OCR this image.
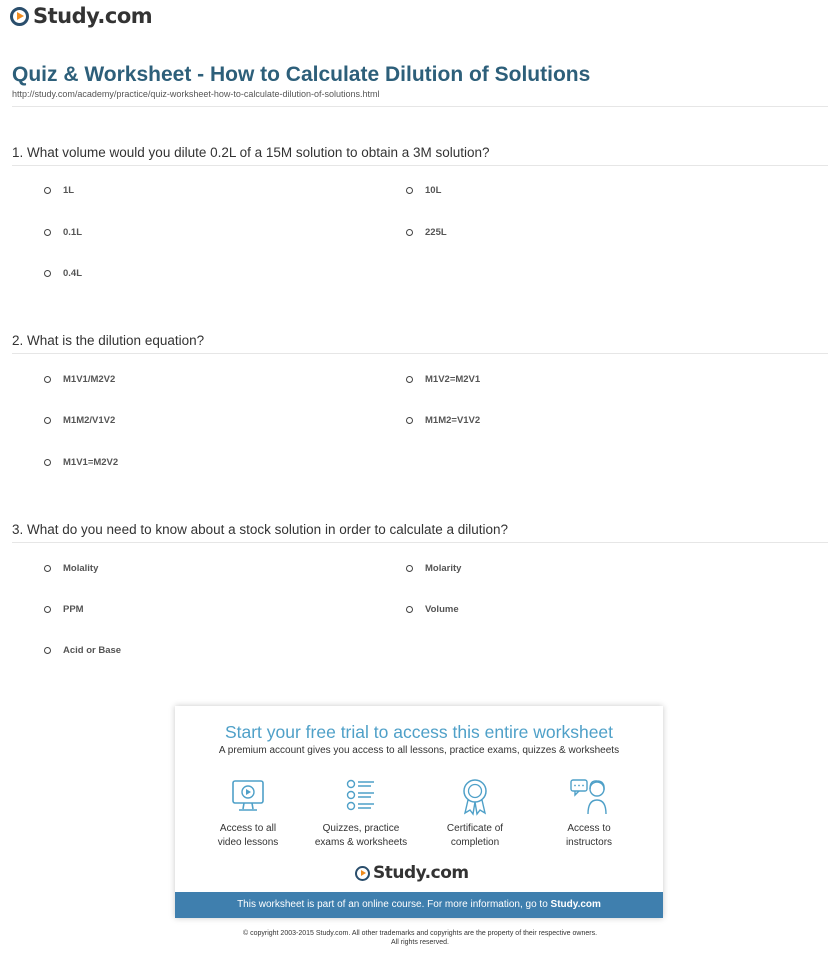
Study.com
Quiz & Worksheet - How to Calculate Dilution of Solutions
http://study.com/academy/practice/quiz-worksheet-how-to-calculate-dilution-of-solutions.html
1. What volume would you dilute 0.2L of a 15M solution to obtain a 3M solution?
1L	10L
0.1L	225L
0.4L
2. What is the dilution equation?
M1V1/M2V2	M1V2=M2V1
M1M2/V1V2	M1M2=V1V2
M1V1=M2V2
3. What do you need to know about a stock solution in order to calculate a dilution?
Molality	Molarity
PPM	Volume
Acid or Base
Start your free trial to access this entire worksheet
A premium account gives you access to all lessons, practice exams, quizzes & worksheets
Access to all
video lessons
Quizzes, practice
exams & worksheets
Certificate of
completion
Access to
instructors
Study.com
This worksheet is part of an online course. For more information, go to Study.com
© copyright 2003-2015 Study.com. All other trademarks and copyrights are the property of their respective owners.
All rights reserved.
